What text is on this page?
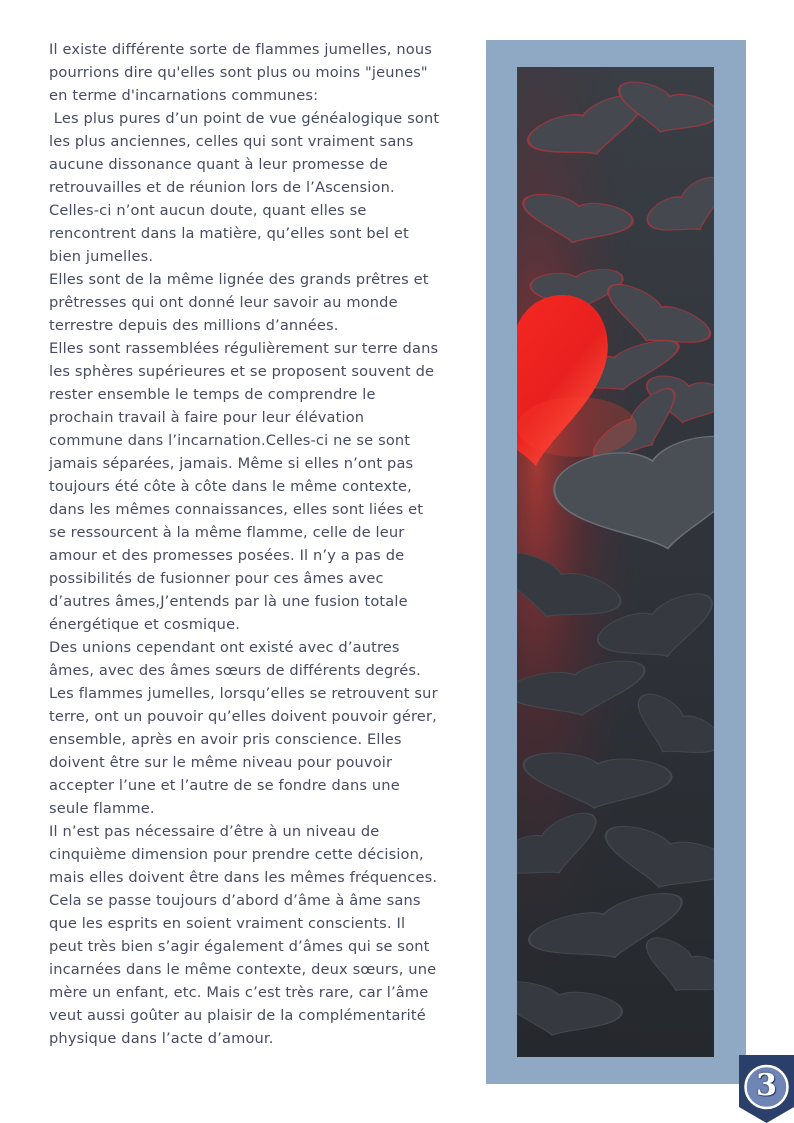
Il existe différente sorte de flammes jumelles, nous pourrions dire qu'elles sont plus ou moins "jeunes" en terme d'incarnations communes:

Les plus pures d’un point de vue généalogique sont les plus anciennes, celles qui sont vraiment sans aucune dissonance quant à leur promesse de retrouvailles et de réunion lors de l’Ascension. Celles-ci n’ont aucun doute, quant elles se rencontrent dans la matière, qu’elles sont bel et bien jumelles.

Elles sont de la même lignée des grands prêtres et prêtresses qui ont donné leur savoir au monde  terrestre depuis des millions d’années.

Elles sont rassemblées régulièrement sur terre dans les sphères supérieures et se proposent souvent de rester ensemble le temps de comprendre le prochain travail à faire pour leur élévation commune dans l’incarnation.Celles-ci ne se sont jamais séparées, jamais. Même si elles n’ont pas toujours été côte à côte dans le même contexte, dans les mêmes connaissances, elles sont liées et se ressourcent à la même flamme, celle de leur amour et des promesses posées. Il n’y a pas de possibilités de fusionner pour ces âmes avec d’autres âmes,J’entends par là une fusion totale énergétique et cosmique.

Des unions cependant ont existé avec d’autres âmes, avec des âmes sœurs de différents degrés. Les flammes jumelles, lorsqu’elles se retrouvent sur terre, ont un pouvoir qu’elles doivent pouvoir gérer, ensemble, après en avoir pris conscience. Elles doivent être sur le même niveau pour pouvoir accepter l’une et l’autre de se fondre dans une seule flamme.

Il n’est pas nécessaire d’être à un niveau de cinquième dimension pour prendre cette décision, mais elles doivent être dans les mêmes fréquences. Cela se passe toujours d’abord d’âme à âme sans que les esprits en soient vraiment conscients. Il peut très bien s’agir également d’âmes qui se sont incarnées dans le même contexte, deux sœurs, une mère un enfant, etc. Mais c’est très rare, car l’âme veut aussi goûter au plaisir de la complémentarité physique dans l’acte d’amour.

3
